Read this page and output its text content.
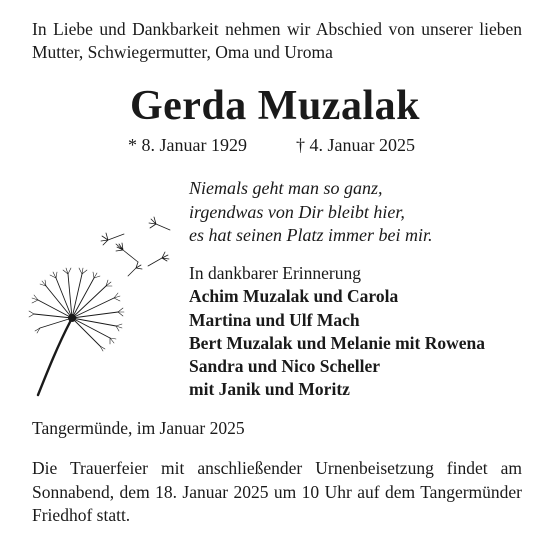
In Liebe und Dankbarkeit nehmen wir Abschied von unserer lieben Mutter, Schwiegermutter, Oma und Uroma
Gerda Muzalak
* 8. Januar 1929	† 4. Januar 2025
Niemals geht man so ganz,
irgendwas von Dir bleibt hier,
es hat seinen Platz immer bei mir.
In dankbarer Erinnerung
Achim Muzalak und Carola
Martina und Ulf Mach
Bert Muzalak und Melanie mit Rowena
Sandra und Nico Scheller
mit Janik und Moritz
Tangermünde, im Januar 2025
Die Trauerfeier mit anschließender Urnenbeisetzung findet am Sonnabend, dem 18. Januar 2025 um 10 Uhr auf dem Tangermünder Friedhof statt.
